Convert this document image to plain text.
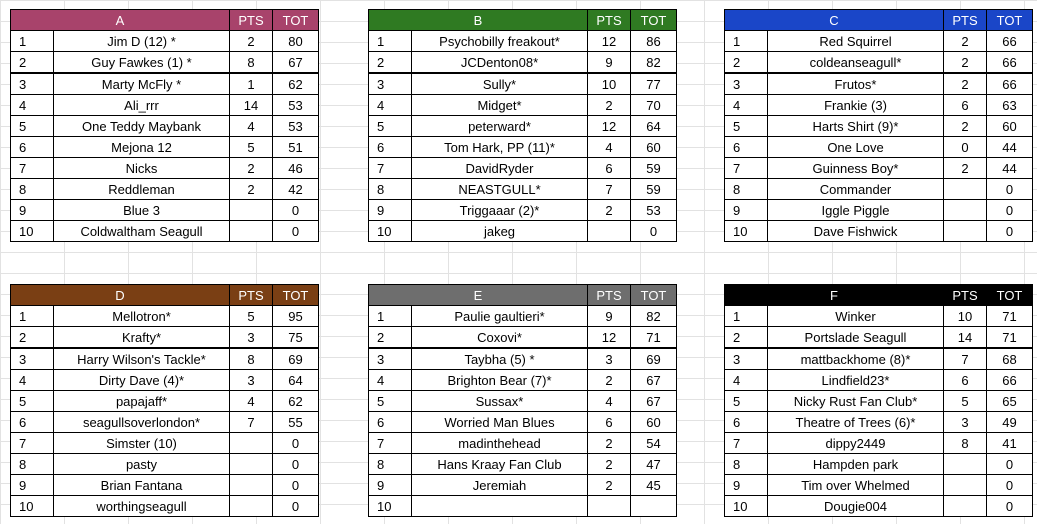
A		PTS	TOT
1	Jim D (12) *	2	80
2	Guy Fawkes (1) *	8	67
3	Marty McFly *	1	62
4	Ali_rrr	14	53
5	One Teddy Maybank	4	53
6	Mejona 12	5	51
7	Nicks	2	46
8	Reddleman	2	42
9	Blue 3		0
10	Coldwaltham Seagull		0
B		PTS	TOT
1	Psychobilly freakout*	12	86
2	JCDenton08*	9	82
3	Sully*	10	77
4	Midget*	2	70
5	peterward*	12	64
6	Tom Hark, PP (11)*	4	60
7	DavidRyder	6	59
8	NEASTGULL*	7	59
9	Triggaaar (2)*	2	53
10	jakeg		0
C		PTS	TOT
1	Red Squirrel	2	66
2	coldeanseagull*	2	66
3	Frutos*	2	66
4	Frankie (3)	6	63
5	Harts Shirt (9)*	2	60
6	One Love	0	44
7	Guinness Boy*	2	44
8	Commander		0
9	Iggle Piggle		0
10	Dave Fishwick		0
D		PTS	TOT
1	Mellotron*	5	95
2	Krafty*	3	75
3	Harry Wilson's Tackle*	8	69
4	Dirty Dave (4)*	3	64
5	papajaff*	4	62
6	seagullsoverlondon*	7	55
7	Simster (10)		0
8	pasty		0
9	Brian Fantana		0
10	worthingseagull		0
E		PTS	TOT
1	Paulie gaultieri*	9	82
2	Coxovi*	12	71
3	Taybha (5) *	3	69
4	Brighton Bear (7)*	2	67
5	Sussax*	4	67
6	Worried Man Blues	6	60
7	madinthehead	2	54
8	Hans Kraay Fan Club	2	47
9	Jeremiah	2	45
10			
F		PTS	TOT
1	Winker	10	71
2	Portslade Seagull	14	71
3	mattbackhome (8)*	7	68
4	Lindfield23*	6	66
5	Nicky Rust Fan Club*	5	65
6	Theatre of Trees (6)*	3	49
7	dippy2449	8	41
8	Hampden park		0
9	Tim over Whelmed		0
10	Dougie004		0
